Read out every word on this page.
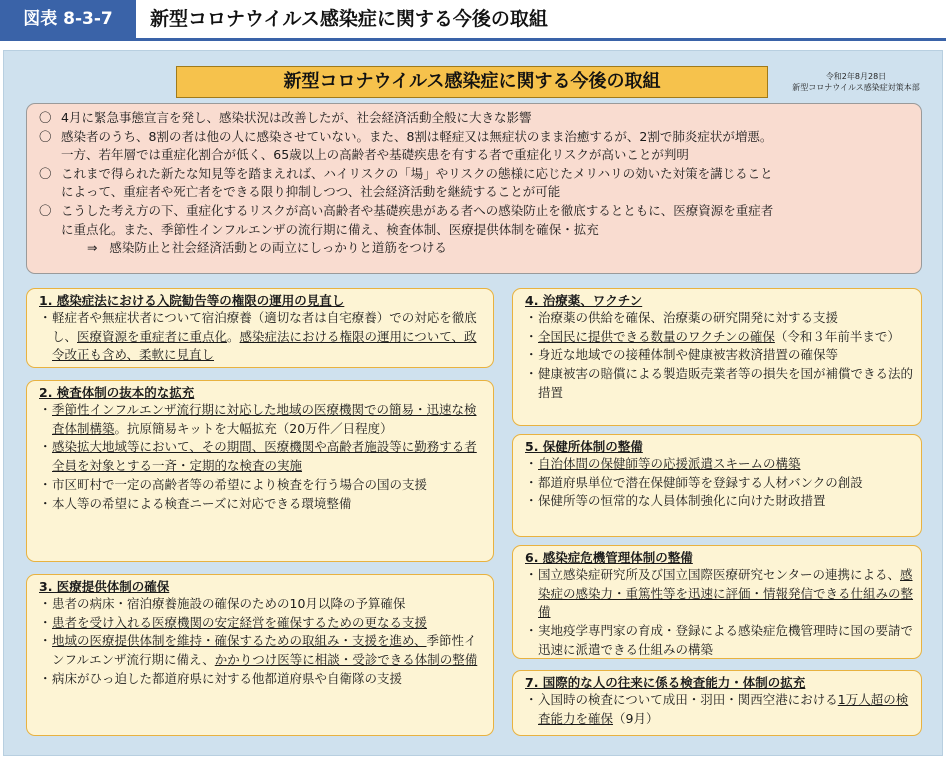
図表 8-3-7	新型コロナウイルス感染症に関する今後の取組
新型コロナウイルス感染症に関する今後の取組	令和2年8月28日
新型コロナウイルス感染症対策本部

〇 4月に緊急事態宣言を発し、感染状況は改善したが、社会経済活動全般に大きな影響

〇 感染者のうち、8割の者は他の人に感染させていない。また、8割は軽症又は無症状のまま治癒するが、2割で肺炎症状が増悪。

一方、若年層では重症化割合が低く、65歳以上の高齢者や基礎疾患を有する者で重症化リスクが高いことが判明

〇 これまで得られた新たな知見等を踏まえれば、ハイリスクの「場」やリスクの態様に応じたメリハリの効いた対策を講じること

によって、重症者や死亡者をできる限り抑制しつつ、社会経済活動を継続することが可能

〇 こうした考え方の下、重症化するリスクが高い高齢者や基礎疾患がある者への感染防止を徹底するとともに、医療資源を重症者

に重点化。また、季節性インフルエンザの流行期に備え、検査体制、医療提供体制を確保・拡充

⇒ 感染防止と社会経済活動との両立にしっかりと道筋をつける

1. 感染症法における入院勧告等の権限の運用の見直し
・軽症者や無症状者について宿泊療養（適切な者は自宅療養）での対応を徹底し、医療資源を重症者に重点化。感染症法における権限の運用について、政令改正も含め、柔軟に見直し
2. 検査体制の抜本的な拡充
・季節性インフルエンザ流行期に対応した地域の医療機関での簡易・迅速な検査体制構築。抗原簡易キットを大幅拡充（20万件／日程度）
・感染拡大地域等において、その期間、医療機関や高齢者施設等に勤務する者全員を対象とする一斉・定期的な検査の実施
・市区町村で一定の高齢者等の希望により検査を行う場合の国の支援
・本人等の希望による検査ニーズに対応できる環境整備
3. 医療提供体制の確保
・患者の病床・宿泊療養施設の確保のための10月以降の予算確保
・患者を受け入れる医療機関の安定経営を確保するための更なる支援
・地域の医療提供体制を維持・確保するための取組み・支援を進め、季節性インフルエンザ流行期に備え、かかりつけ医等に相談・受診できる体制の整備
・病床がひっ迫した都道府県に対する他都道府県や自衛隊の支援
4. 治療薬、ワクチン
・治療薬の供給を確保、治療薬の研究開発に対する支援
・全国民に提供できる数量のワクチンの確保（令和３年前半まで）
・身近な地域での接種体制や健康被害救済措置の確保等
・健康被害の賠償による製造販売業者等の損失を国が補償できる法的措置
5. 保健所体制の整備
・自治体間の保健師等の応援派遣スキームの構築
・都道府県単位で潜在保健師等を登録する人材バンクの創設
・保健所等の恒常的な人員体制強化に向けた財政措置
6. 感染症危機管理体制の整備
・国立感染症研究所及び国立国際医療研究センターの連携による、感染症の感染力・重篤性等を迅速に評価・情報発信できる仕組みの整備
・実地疫学専門家の育成・登録による感染症危機管理時に国の要請で迅速に派遣できる仕組みの構築
7. 国際的な人の往来に係る検査能力・体制の拡充
・入国時の検査について成田・羽田・関西空港における1万人超の検査能力を確保（9月）
